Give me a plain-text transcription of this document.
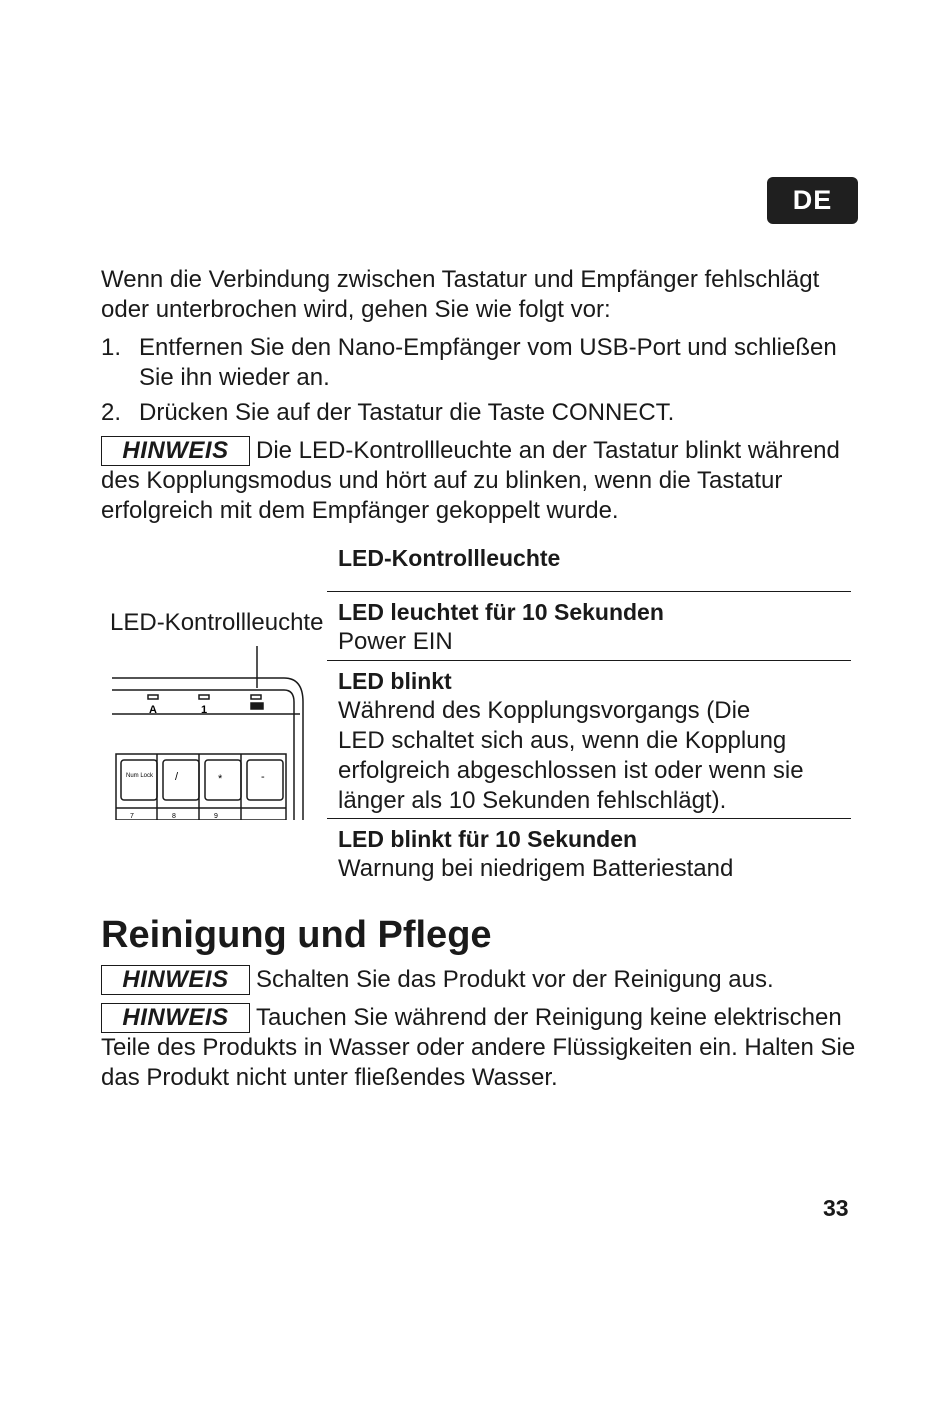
DE
Wenn die Verbindung zwischen Tastatur und Empfänger fehlschlägt
oder unterbrochen wird, gehen Sie wie folgt vor:
1. Entfernen Sie den Nano-Empfänger vom USB-Port und schließen
Sie ihn wieder an.
2. Drücken Sie auf der Tastatur die Taste CONNECT.
HINWEIS Die LED-Kontrollleuchte an der Tastatur blinkt während
des Kopplungsmodus und hört auf zu blinken, wenn die Tastatur
erfolgreich mit dem Empfänger gekoppelt wurde.
LED-Kontrollleuchte
LED leuchtet für 10 Sekunden
Power EIN
LED blinkt
Während des Kopplungsvorgangs (Die
LED schaltet sich aus, wenn die Kopplung
erfolgreich abgeschlossen ist oder wenn sie
länger als 10 Sekunden fehlschlägt).
LED blinkt für 10 Sekunden
Warnung bei niedrigem Batteriestand
LED-Kontrollleuchte
A	1
Num Lock /	*	-
7	8	9
Reinigung und Pflege
HINWEIS Schalten Sie das Produkt vor der Reinigung aus.
HINWEIS Tauchen Sie während der Reinigung keine elektrischen
Teile des Produkts in Wasser oder andere Flüssigkeiten ein. Halten Sie
das Produkt nicht unter fließendes Wasser.
33
